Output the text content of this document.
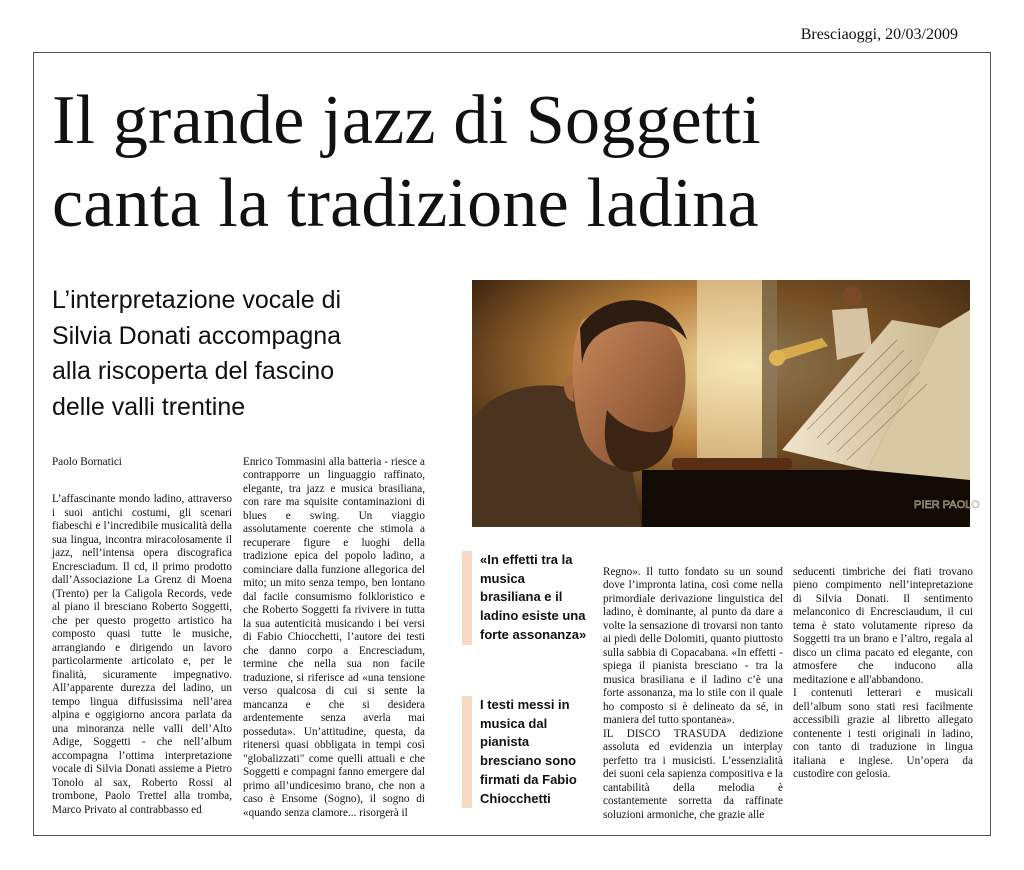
Bresciaoggi, 20/03/2009
Il grande jazz di Soggetti
canta la tradizione ladina
L’interpretazione vocale di
Silvia Donati accompagna
alla riscoperta del fascino
delle valli trentine
PIER PAOLO

Paolo Bornatici

L’affascinante mondo ladino, attraverso i suoi antichi costumi, gli scenari fiabeschi e l’incredibile musicalità della sua lingua, incontra miracolosamente il jazz, nell’intensa opera discografica Encresciadum. Il cd, il primo prodotto dall’Associazione La Grenz di Moena (Trento) per la Caligola Records, vede al piano il bresciano Roberto Soggetti, che per questo progetto artistico ha composto quasi tutte le musiche, arrangiando e dirigendo un lavoro particolarmente articolato e, per le finalità, sicuramente impegnativo. All’apparente durezza del ladino, un tempo lingua diffusissima nell’area alpina e oggigiorno ancora parlata da una minoranza nelle valli dell’Alto Adige, Soggetti - che nell’album accompagna l’ottima interpretazione vocale di Silvia Donati assieme a Pietro Tonolo al sax, Roberto Rossi al trombone, Paolo Trettel alla tromba, Marco Privato al contrabbasso ed

Enrico Tommasini alla batteria - riesce a contrapporre un linguaggio raffinato, elegante, tra jazz e musica brasiliana, con rare ma squisite contaminazioni di blues e swing. Un viaggio assolutamente coerente che stimola a recuperare figure e luoghi della tradizione epica del popolo ladino, a cominciare dalla funzione allegorica del mito; un mito senza tempo, ben lontano dal facile consumismo folkloristico e che Roberto Soggetti fa rivivere in tutta la sua autenticità musicando i bei versi di Fabio Chiocchetti, l’autore dei testi che danno corpo a Encresciadum, termine che nella sua non facile traduzione, si riferisce ad «una tensione verso qualcosa di cui si sente la mancanza e che si desidera ardentemente senza averla mai posseduta». Un’attitudine, questa, da ritenersi quasi obbligata in tempi così "globalizzati" come quelli attuali e che Soggetti e compagni fanno emergere dal primo all’undicesimo brano, che non a caso è Ensome (Sogno), il sogno di «quando senza clamore... risorgerà il

«In effetti tra la musica brasiliana e il ladino esiste una forte assonanza»
I testi messi in musica dal pianista bresciano sono firmati da Fabio Chiocchetti

Regno». Il tutto fondato su un sound dove l’impronta latina, così come nella primordiale derivazione linguistica del ladino, è dominante, al punto da dare a volte la sensazione di trovarsi non tanto ai piedi delle Dolomiti, quanto piuttosto sulla sabbia di Copacabana. «In effetti - spiega il pianista bresciano - tra la musica brasiliana e il ladino c’è una forte assonanza, ma lo stile con il quale ho composto si è delineato da sé, in maniera del tutto spontanea».

IL DISCO TRASUDA dedizione assoluta ed evidenzia un interplay perfetto tra i musicisti. L’essenzialità dei suoni cela sapienza compositiva e la cantabilità della melodia è costantemente sorretta da raffinate soluzioni armoniche, che grazie alle

seducenti timbriche dei fiati trovano pieno compimento nell’intepretazione di Silvia Donati. Il sentimento melanconico di Encresciaudum, il cui tema è stato volutamente ripreso da Soggetti tra un brano e l’altro, regala al disco un clima pacato ed elegante, con atmosfere che inducono alla meditazione e all'abbandono.

I contenuti letterari e musicali dell’album sono stati resi facilmente accessibili grazie al libretto allegato contenente i testi originali in ladino, con tanto di traduzione in lingua italiana e inglese. Un’opera da custodire con gelosia.
